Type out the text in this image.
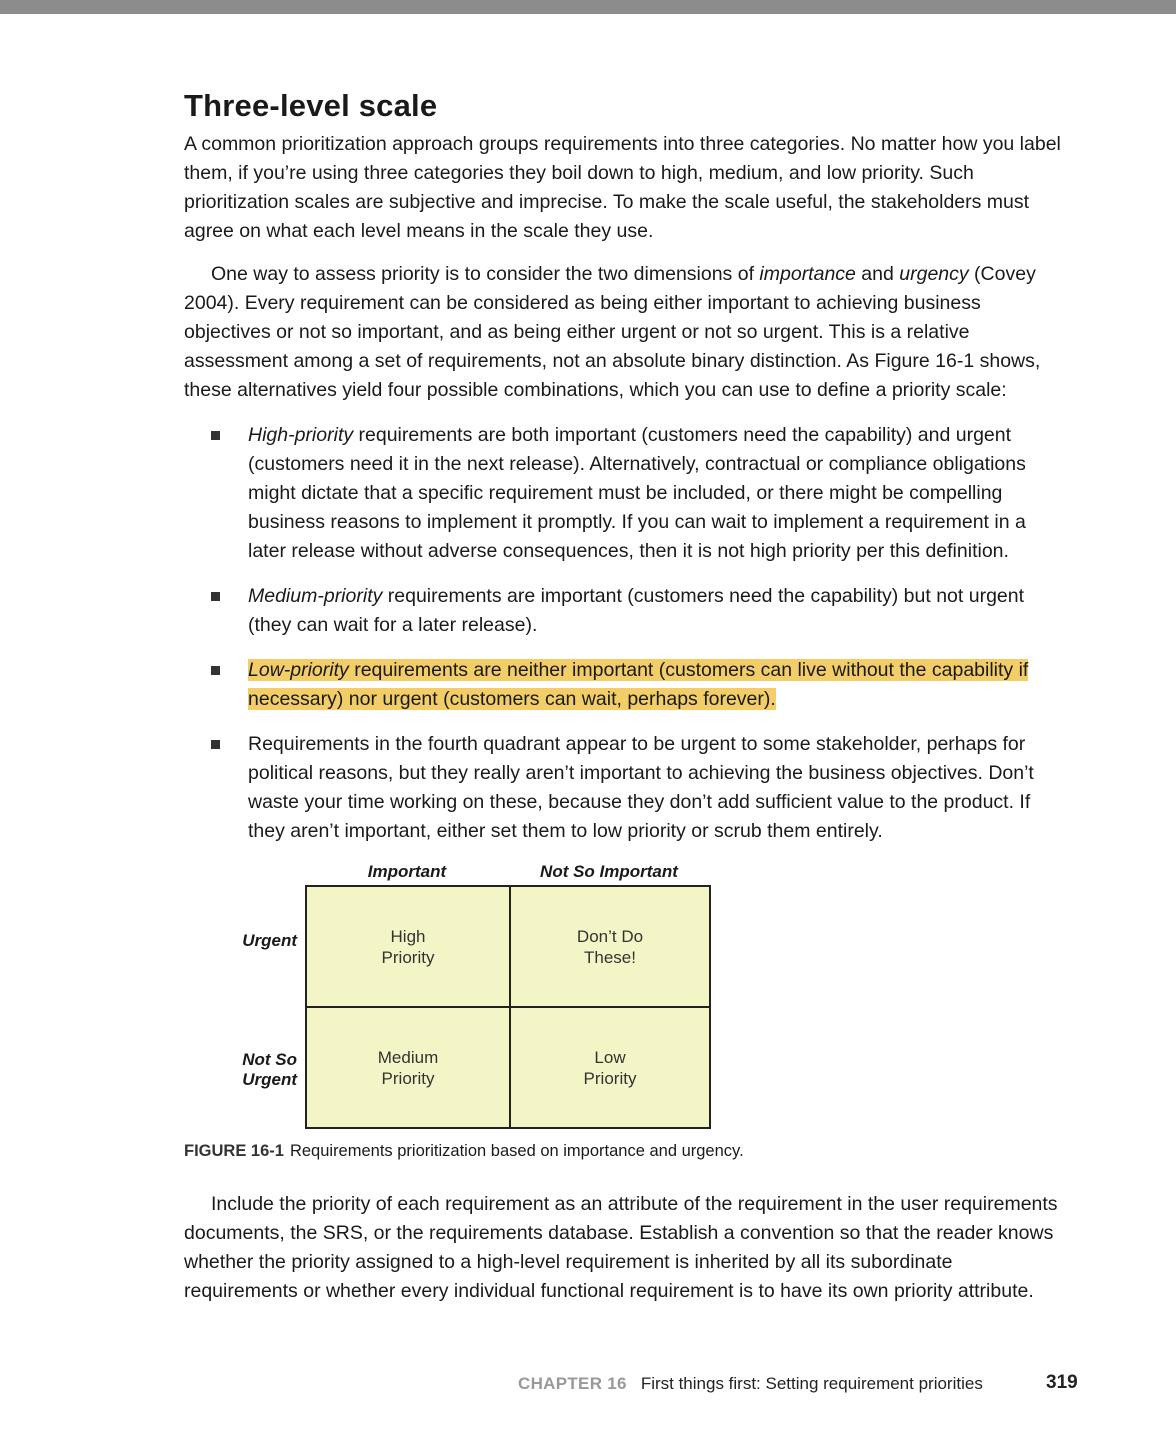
Three-level scale

A common prioritization approach groups requirements into three categories. No matter how you label them, if you’re using three categories they boil down to high, medium, and low priority. Such prioritization scales are subjective and imprecise. To make the scale useful, the stakeholders must agree on what each level means in the scale they use.

One way to assess priority is to consider the two dimensions of importance and urgency (Covey 2004). Every requirement can be considered as being either important to achieving business objectives or not so important, and as being either urgent or not so urgent. This is a relative assessment among a set of requirements, not an absolute binary distinction. As Figure 16-1 shows, these alternatives yield four possible combinations, which you can use to define a priority scale:

High-priority requirements are both important (customers need the capability) and urgent (customers need it in the next release). Alternatively, contractual or compliance obligations might dictate that a specific requirement must be included, or there might be compelling business reasons to implement it promptly. If you can wait to implement a requirement in a later release without adverse consequences, then it is not high priority per this definition.
Medium-priority requirements are important (customers need the capability) but not urgent (they can wait for a later release).
Low-priority requirements are neither important (customers can live without the capability if necessary) nor urgent (customers can wait, perhaps forever).
Requirements in the fourth quadrant appear to be urgent to some stakeholder, perhaps for political reasons, but they really aren’t important to achieving the business objectives. Don’t waste your time working on these, because they don’t add sufficient value to the product. If they aren’t important, either set them to low priority or scrub them entirely.
Important	Not So Important
Urgent
Not So Urgent
High
Priority
Don’t Do
These!
Medium
Priority
Low
Priority
FIGURE 16-1 Requirements prioritization based on importance and urgency.

Include the priority of each requirement as an attribute of the requirement in the user requirements documents, the SRS, or the requirements database. Establish a convention so that the reader knows whether the priority assigned to a high-level requirement is inherited by all its subordinate requirements or whether every individual functional requirement is to have its own priority attribute.

CHAPTER 16 First things first: Setting requirement priorities	319
